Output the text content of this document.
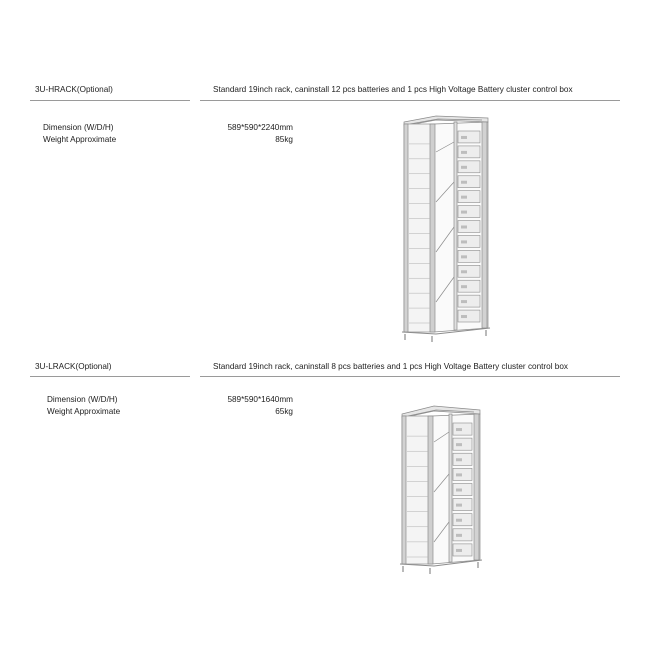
3U-HRACK(Optional)	Standard 19inch rack, caninstall 12 pcs batteries and 1 pcs High Voltage Battery cluster control box
Dimension (W/D/H)
Weight Approximate
589*590*2240mm
85kg
3U-LRACK(Optional)	Standard 19inch rack, caninstall 8 pcs batteries and 1 pcs High Voltage Battery cluster control box
Dimension (W/D/H)
Weight Approximate
589*590*1640mm
65kg
